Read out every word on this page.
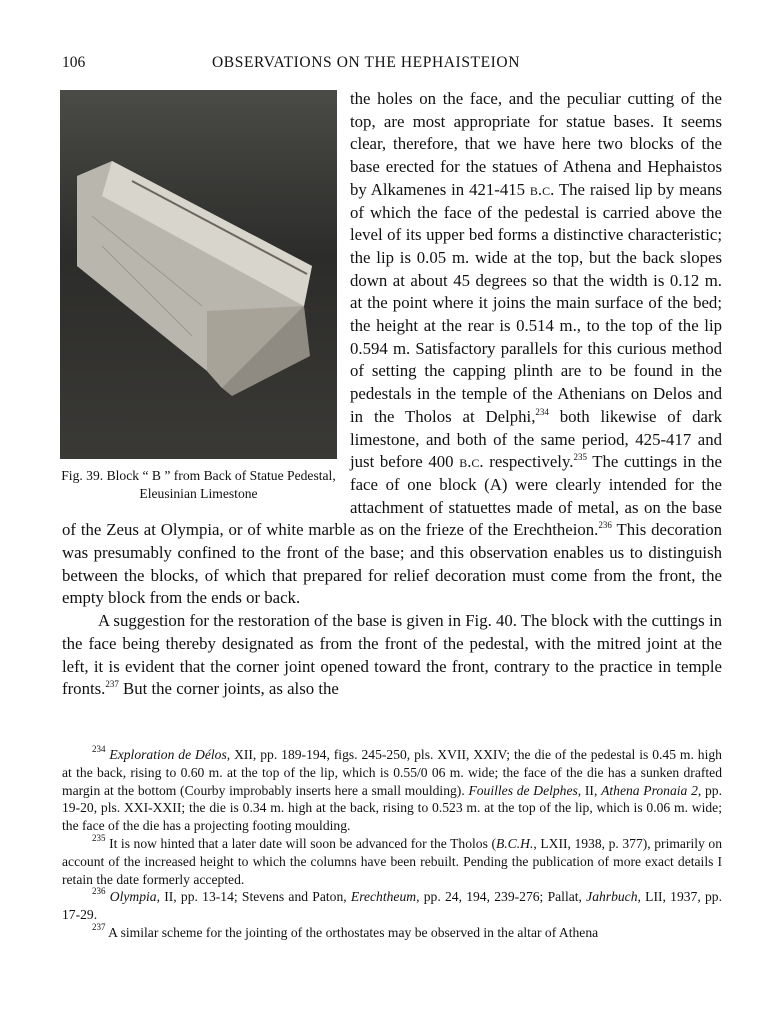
106	OBSERVATIONS ON THE HEPHAISTEION
Fig. 39. Block “ B ” from Back of Statue Pedestal, Eleusinian Limestone

the holes on the face, and the peculiar cutting of the top, are most appropriate for statue bases. It seems clear, therefore, that we have here two blocks of the base erected for the statues of Athena and Hephaistos by Alkamenes in 421-415 b.c. The raised lip by means of which the face of the pedestal is carried above the level of its upper bed forms a distinctive characteristic; the lip is 0.05 m. wide at the top, but the back slopes down at about 45 degrees so that the width is 0.12 m. at the point where it joins the main surface of the bed; the height at the rear is 0.514 m., to the top of the lip 0.594 m. Satisfactory parallels for this curious method of setting the capping plinth are to be found in the pedestals in the temple of the Athenians on Delos and in the Tholos at Delphi,$^{234}$ both likewise of dark limestone, and both of the same period, 425-417 and just before 400 b.c. respectively.$^{235}$ The cuttings in the face of one block (A) were clearly intended for the attachment of statuettes made of metal, as on the base of the Zeus at Olympia, or of white marble as on the frieze of the Erechtheion.$^{236}$ This decoration was presumably confined to the front of the base; and this observation enables us to distinguish between the blocks, of which that prepared for relief decoration must come from the front, the empty block from the ends or back.

A suggestion for the restoration of the base is given in Fig. 40. The block with the cuttings in the face being thereby designated as from the front of the pedestal, with the mitred joint at the left, it is evident that the corner joint opened toward the front, contrary to the practice in temple fronts.$^{237}$ But the corner joints, as also the

$^{234}$ Exploration de Délos, XII, pp. 189-194, figs. 245-250, pls. XVII, XXIV; the die of the pedestal is 0.45 m. high at the back, rising to 0.60 m. at the top of the lip, which is 0.55/0 06 m. wide; the face of the die has a sunken drafted margin at the bottom (Courby improbably inserts here a small moulding). Fouilles de Delphes, II, Athena Pronaia 2, pp. 19-20, pls. XXI-XXII; the die is 0.34 m. high at the back, rising to 0.523 m. at the top of the lip, which is 0.06 m. wide; the face of the die has a projecting footing moulding.

$^{235}$ It is now hinted that a later date will soon be advanced for the Tholos (B.C.H., LXII, 1938, p. 377), primarily on account of the increased height to which the columns have been rebuilt. Pending the publication of more exact details I retain the date formerly accepted.

$^{236}$ Olympia, II, pp. 13-14; Stevens and Paton, Erechtheum, pp. 24, 194, 239-276; Pallat, Jahrbuch, LII, 1937, pp. 17-29.

$^{237}$ A similar scheme for the jointing of the orthostates may be observed in the altar of Athena
